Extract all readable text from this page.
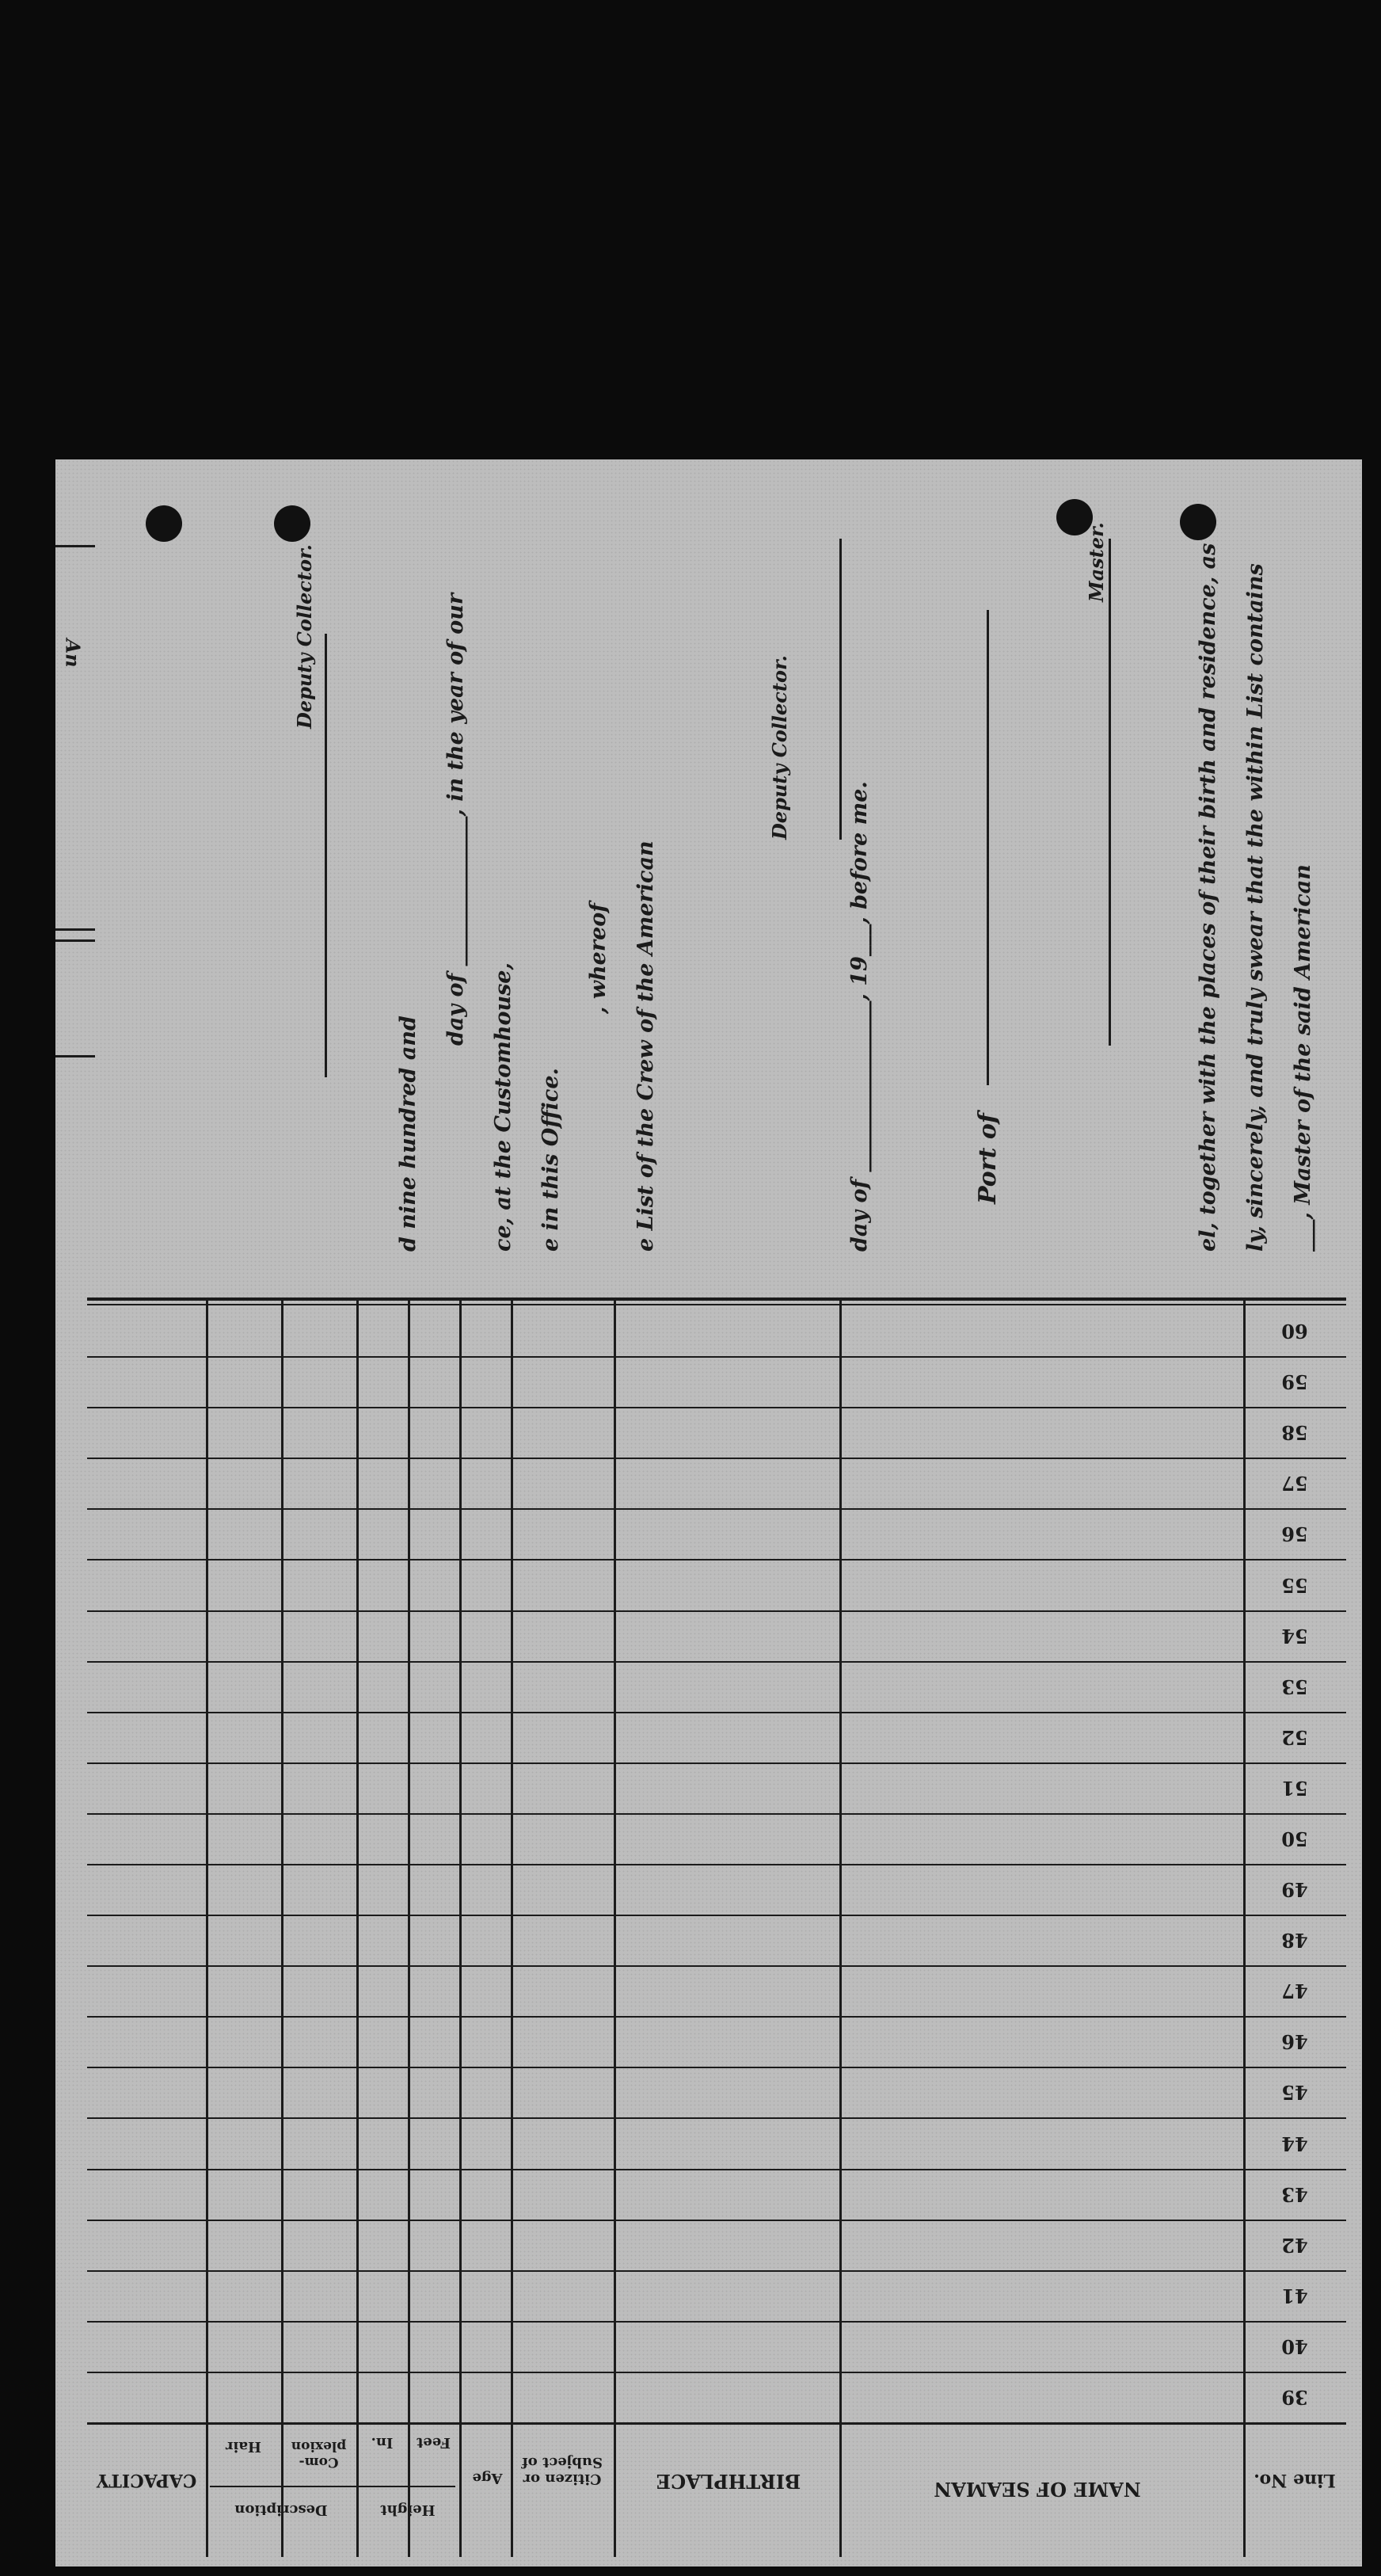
___, Master of the said American
ly, sincerely, and truly swear that the within List contains
el, together with the places of their birth and residence, as
Master.
Port of
day of ________________, 19___, before me.
Deputy Collector.
e List of the Crew of the American
, whereof
e in this Office.
ce, at the Customhouse,
day of ______________, in the year of our
d nine hundred and
Deputy Collector.
An
60
59
58
57
56
55
54
53
52
51
50
49
48
47
46
45
44
43
42
41
40
39
Line No.
NAME OF SEAMAN
BIRTHPLACE
Citizen or Subject of
Age
Height
Feet
In.
Description
Com-plexion
Hair
CAPACITY
